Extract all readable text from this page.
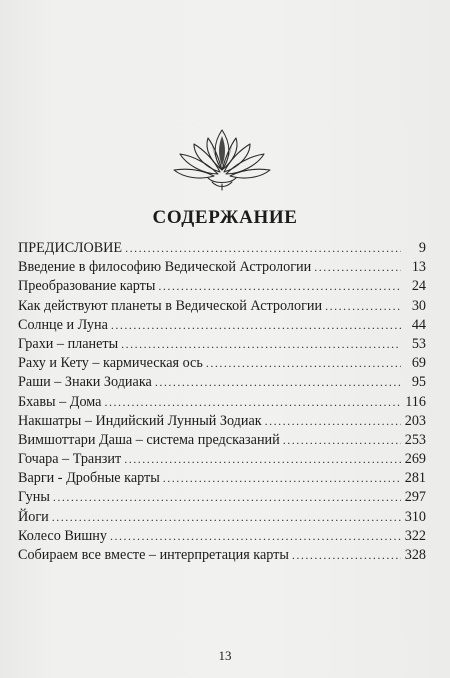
СОДЕРЖАНИЕ
ПРЕДИСЛОВИЕ .....	9
Введение в философию Ведической Астрологии .....	13
Преобразование карты .....	24
Как действуют планеты в Ведической Астрологии .....	30
Солнце и Луна .....	44
Грахи – планеты .....	53
Раху и Кету – кармическая ось .....	69
Раши – Знаки Зодиака .....	95
Бхавы – Дома .....	116
Накшатры – Индийский Лунный Зодиак .....	203
Вимшоттари Даша – система предсказаний .....	253
Гочара – Транзит .....	269
Варги - Дробные карты .....	281
Гуны .....	297
Йоги .....	310
Колесо Вишну .....	322
Собираем все вместе – интерпретация карты .....	328
13
